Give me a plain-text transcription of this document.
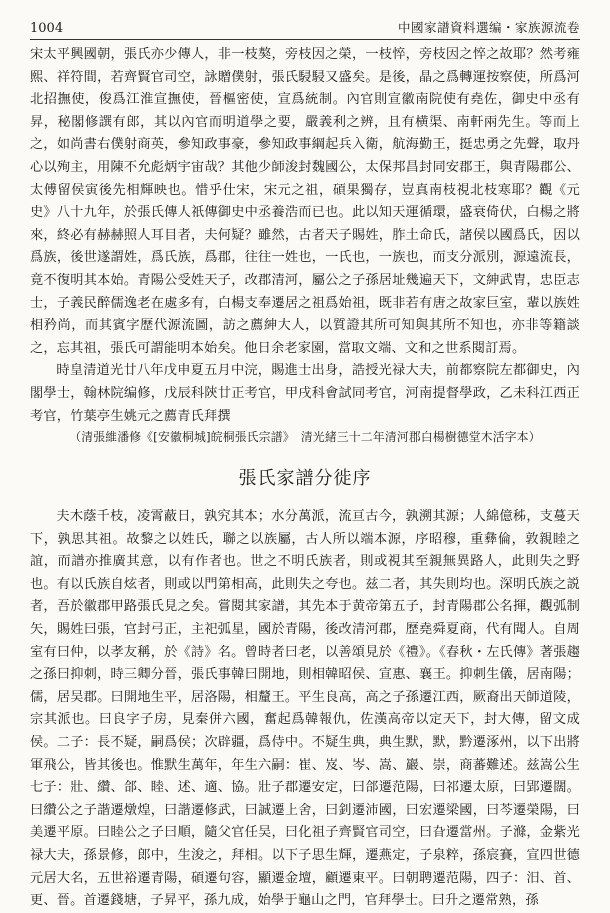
1004	中國家譜資料選编・家族源流卷

宋太平興國朝，張氏亦少傳人，非一枝獒，旁枝因之榮，一枝悴，旁枝因之悴之故耶？然考雍熙、祥符間，若齊賢官司空，詠贈僕射，張氏駸駸又盛矣。是後，晶之爲轉運按察使，所爲河北招撫使，俊爲江淮宣撫使，晉樞密使，宣爲統制。內官則宣徽南院使有堯佐，御史中丞有昇，秘閣修譔有郎，其以內官而明道學之要，嚴義利之辨，且有横渠、南軒兩先生。等而上之，如尚書右僕射商英，參知政事豪，參知政事綱起兵入衛，航海勤王，挺忠勇之先聲，取丹心以殉主，用陳不允彪炳宇宙哉？其他少師浚封魏國公，太保邦昌封同安郡王，與青陽郡公、太傅留侯寅後先相輝映也。惜乎仕宋，宋元之祖，碩果獨存，豈真南枝視北枝寒耶？觀《元史》八十九年，於張氏傳人祇傳御史中丞養浩而已也。此以知天運循環，盛衰倚伏，白楊之將來，終必有赫赫照人耳目者，夫何疑？雖然，古者天子賜姓，胙土命氏，諸侯以國爲氏，因以爲族，後世遂謂姓，爲氏族，爲郡，往往一姓也，一氏也，一族也，而支分派別，源遠流長，竟不復明其本始。青陽公受姓天子，改郡清河，屬公之子孫居址幾遍天下，文紳武胄，忠臣志士，子義民醉儒逸老在處多有，白楊支奉遷居之祖爲始祖，既非若有唐之故家巨室，輩以族姓相矜尚，而其賓字歷代源流圖，訪之薦紳大人，以質證其所可知與其所不知也，亦非等籍談之，忘其祖，張氏可謂能明本始矣。他日余老家園，當取文端、文和之世系閱訂焉。

時皇清道光廿八年戊申夏五月中浣，賜進士出身，誥授光禄大夫，前都察院左都御史，內閣學士，翰林院编修，戊辰科陝廿正考官，甲戌科會試同考官，河南提督學政，乙未科江西正考官，竹葉亭生姚元之薦青氏拜撰

（清張維潘修《[安徽桐城]皖桐張氏宗譜》　清光緒三十二年清河郡白楊樹德堂木活字本）
張氏家譜分徙序

夫木蔭千枝，凌霄蔽日，孰究其本；水分萬派，流亘古今，孰溯其源；人綿億秭，支蔓天下，孰思其祖。故黎之以姓氏，聯之以族屬，古人所以端本源，序昭穆，重彝倫，敦親睦之誼，而譜亦推廣其意，以有作者也。世之不明氏族者，則或視其至親無異路人，此則失之野也。有以氏族自炫者，則或以門第相高，此則失之夸也。兹二者，其失則均也。深明氏族之説者，吾於徽郡甲路張氏見之矣。嘗閱其家譜，其先本于黄帝第五子，封青陽郡公名揮，觀弧制矢，賜姓曰張，官封弓正，主祀弧星，國於青陽，後改清河郡，歷堯舜夏商，代有聞人。自周室有曰仲，以孝友稱，於《詩》名。曾時者曰老，以善頌見於《禮》。《春秋・左氏傳》著張趨之孫曰抑刺，時三卿分晉，張氏事韓曰開地，則相韓昭侯、宣惠、襄王。抑刺生儀，居南陽；儒，居吴郡。曰開地生平，居洛陽，相釐王。平生良高，高之子孫遷江西，厥裔出天師道陵，宗其派也。曰良字子房，見秦併六國，奮起爲韓報仇，佐漢高帝以定天下，封大傳，留文成侯。二子：長不疑，嗣爲侯；次辟疆，爲侍中。不疑生典，典生默，默，黔遷涿州，以下出將軍飛公，皆其後也。惟默生萬年，年生六嗣：崔、岌、岑、嵩、巖、崇，商蕃難述。兹嵩公生七子：壯、纘、郃、睦、述、適、協。壯子郡遷安定，曰郃遷范陽，曰祁遷太原，曰郢遷闊。曰纘公之子諧遷燉煌，曰諧遷修武，曰誠遷上舍，曰釗遷沛國，曰宏遷梁國，曰芩遷榮陽，曰美遷平原。曰睦公之子曰順，隨父官任吴，曰化祖子齊賢官司空，曰旮遷當州。子滌，金紫光禄大夫，孫景修，郎中，生浚之，拜相。以下子思生輝，遷燕定，子泉粹，孫宸賽，宣四世德元居大名，五世裕遷青陽，碩遷句容，顯遷金壇，顧遷東平。曰朝聘遷范陽，四子：汨、首、更、晉。首遷錢塘，子昇平，孫九成，始學于龜山之門，官拜學士。曰升之遷常熟，孫
